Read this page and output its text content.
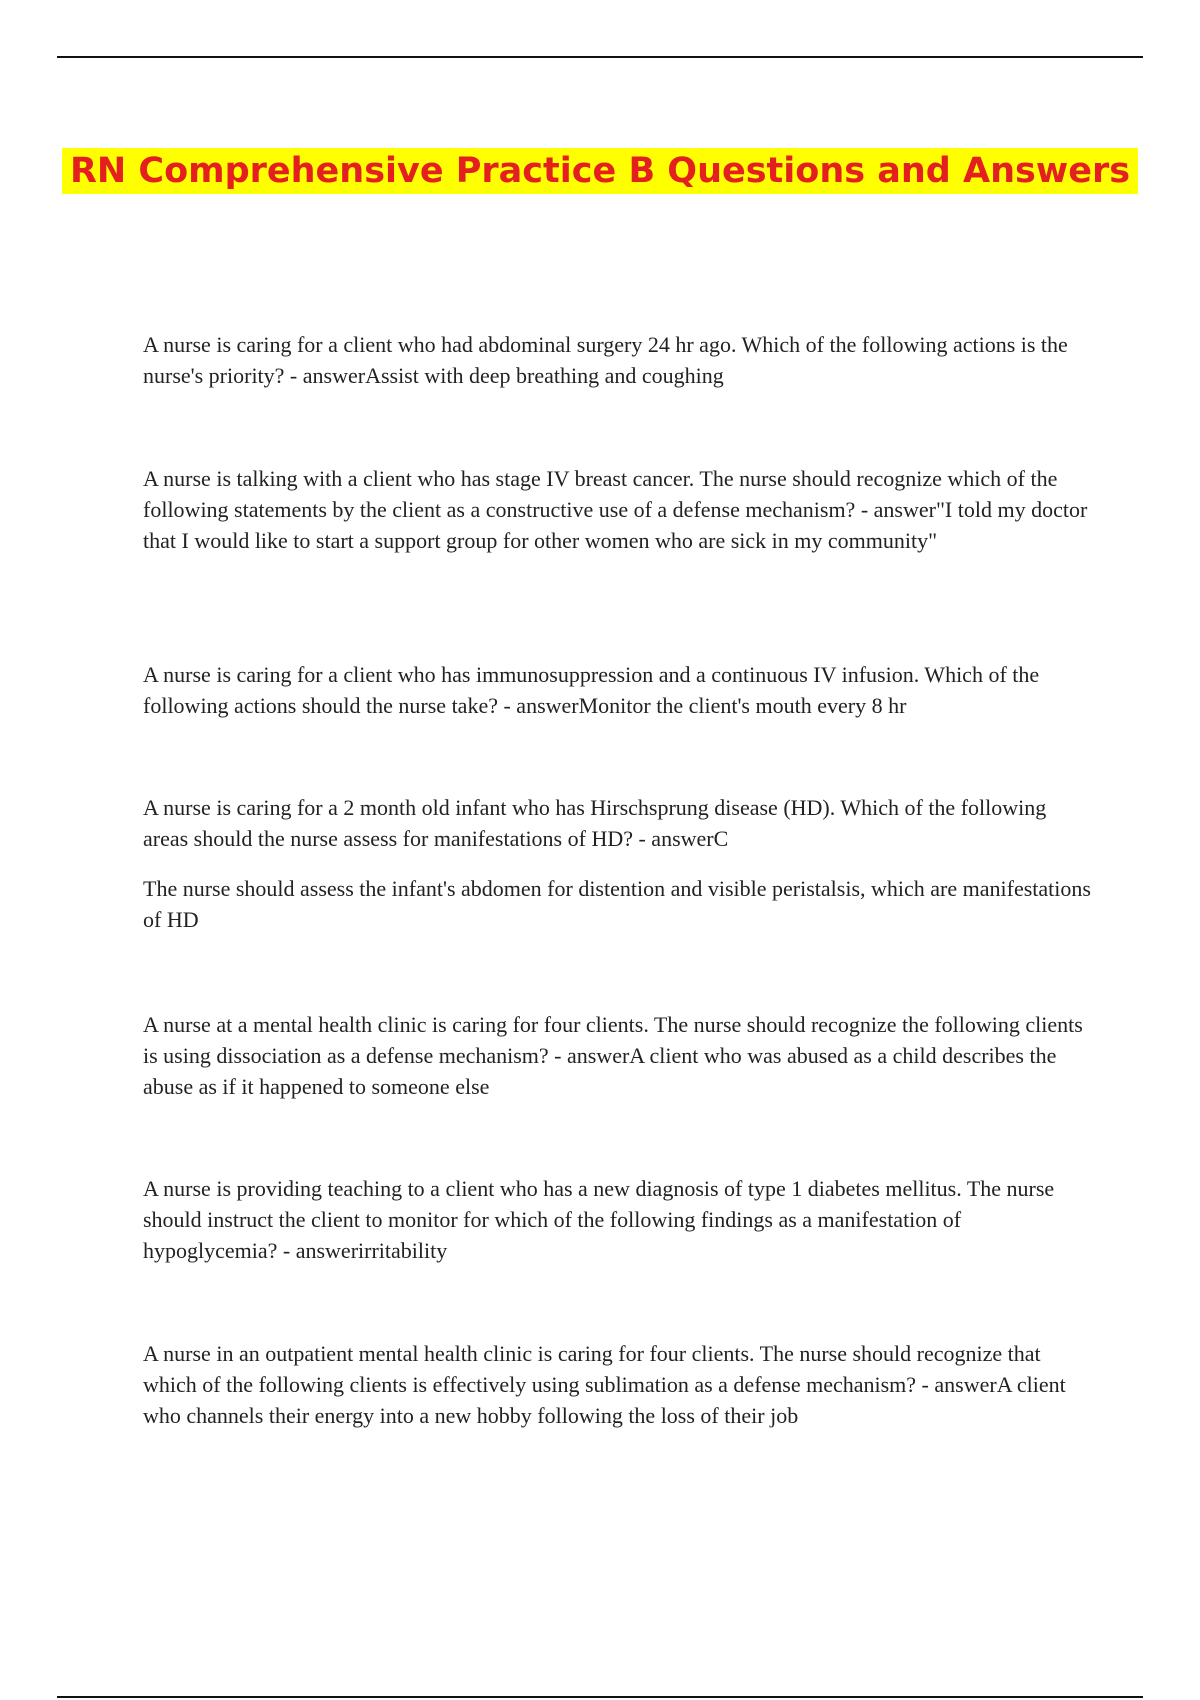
RN Comprehensive Practice B Questions and Answers

A nurse is caring for a client who had abdominal surgery 24 hr ago. Which of the following actions is the nurse's priority? - answerAssist with deep breathing and coughing

A nurse is talking with a client who has stage IV breast cancer. The nurse should recognize which of the following statements by the client as a constructive use of a defense mechanism? - answer"I told my doctor that I would like to start a support group for other women who are sick in my community"

A nurse is caring for a client who has immunosuppression and a continuous IV infusion. Which of the following actions should the nurse take? - answerMonitor the client's mouth every 8 hr

A nurse is caring for a 2 month old infant who has Hirschsprung disease (HD). Which of the following areas should the nurse assess for manifestations of HD? - answerC

The nurse should assess the infant's abdomen for distention and visible peristalsis, which are manifestations of HD

A nurse at a mental health clinic is caring for four clients. The nurse should recognize the following clients is using dissociation as a defense mechanism? - answerA client who was abused as a child describes the abuse as if it happened to someone else

A nurse is providing teaching to a client who has a new diagnosis of type 1 diabetes mellitus. The nurse should instruct the client to monitor for which of the following findings as a manifestation of hypoglycemia? - answerirritability

A nurse in an outpatient mental health clinic is caring for four clients. The nurse should recognize that which of the following clients is effectively using sublimation as a defense mechanism? - answerA client who channels their energy into a new hobby following the loss of their job
